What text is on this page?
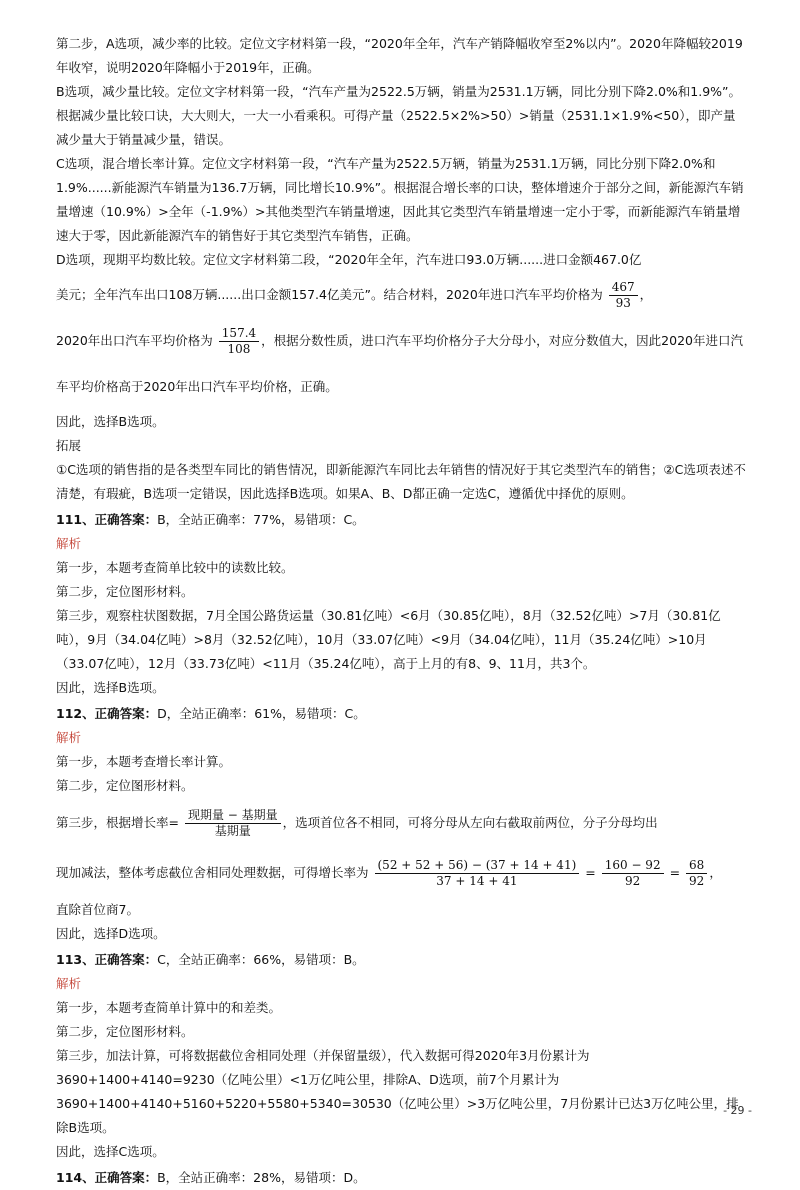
第二步，A选项，减少率的比较。定位文字材料第一段，“2020年全年，汽车产销降幅收窄至2%以内”。2020年降幅较2019年收窄，说明2020年降幅小于2019年，正确。

B选项，减少量比较。定位文字材料第一段，“汽车产量为2522.5万辆，销量为2531.1万辆，同比分别下降2.0%和1.9%”。根据减少量比较口诀，大大则大，一大一小看乘积。可得产量（2522.5×2%>50）>销量（2531.1×1.9%<50），即产量减少量大于销量减少量，错误。

C选项，混合增长率计算。定位文字材料第一段，“汽车产量为2522.5万辆，销量为2531.1万辆，同比分别下降2.0%和1.9%......新能源汽车销量为136.7万辆，同比增长10.9%”。根据混合增长率的口诀，整体增速介于部分之间，新能源汽车销量增速（10.9%）>全年（-1.9%）>其他类型汽车销量增速，因此其它类型汽车销量增速一定小于零，而新能源汽车销量增速大于零，因此新能源汽车的销售好于其它类型汽车销售，正确。

D选项，现期平均数比较。定位文字材料第二段，“2020年全年，汽车进口93.0万辆......进口金额467.0亿

美元；全年汽车出口108万辆......出口金额157.4亿美元”。结合材料，2020年进口汽车平均价格为 $\frac{467}{93}$ ，

2020年出口汽车平均价格为 $\frac{157.4}{108}$ ，根据分数性质，进口汽车平均价格分子大分母小，对应分数值大，因此2020年进口汽车平均价格高于2020年出口汽车平均价格，正确。

因此，选择B选项。

拓展

①C选项的销售指的是各类型车同比的销售情况，即新能源汽车同比去年销售的情况好于其它类型汽车的销售；②C选项表述不清楚，有瑕疵，B选项一定错误，因此选择B选项。如果A、B、D都正确一定选C，遵循优中择优的原则。

111、正确答案：B，全站正确率：77%，易错项：C。

解析

第一步，本题考查简单比较中的读数比较。

第二步，定位图形材料。

第三步，观察柱状图数据，7月全国公路货运量（30.81亿吨）<6月（30.85亿吨），8月（32.52亿吨）>7月（30.81亿吨），9月（34.04亿吨）>8月（32.52亿吨），10月（33.07亿吨）<9月（34.04亿吨），11月（35.24亿吨）>10月（33.07亿吨），12月（33.73亿吨）<11月（35.24亿吨），高于上月的有8、9、11月，共3个。

因此，选择B选项。

112、正确答案：D，全站正确率：61%，易错项：C。

解析

第一步，本题考查增长率计算。

第二步，定位图形材料。

第三步，根据增长率= $\frac{\text{现期量 − 基期量}}{\text{基期量}}$ ，选项首位各不相同，可将分母从左向右截取前两位，分子分母均出

现加减法，整体考虑截位舍相同处理数据，可得增长率为 $\frac{(52 + 52 + 56) - (37 + 14 + 41)}{37 + 14 + 41} = \frac{160 - 92}{92} = \frac{68}{92}$ ，

直除首位商7。

因此，选择D选项。

113、正确答案：C，全站正确率：66%，易错项：B。

解析

第一步，本题考查简单计算中的和差类。

第二步，定位图形材料。

第三步，加法计算，可将数据截位舍相同处理（并保留量级），代入数据可得2020年3月份累计为

3690+1400+4140=9230（亿吨公里）<1万亿吨公里，排除A、D选项，前7个月累计为

3690+1400+4140+5160+5220+5580+5340=30530（亿吨公里）>3万亿吨公里，7月份累计已达3万亿吨公里，排除B选项。

因此，选择C选项。

114、正确答案：B，全站正确率：28%，易错项：D。

- 29 -
